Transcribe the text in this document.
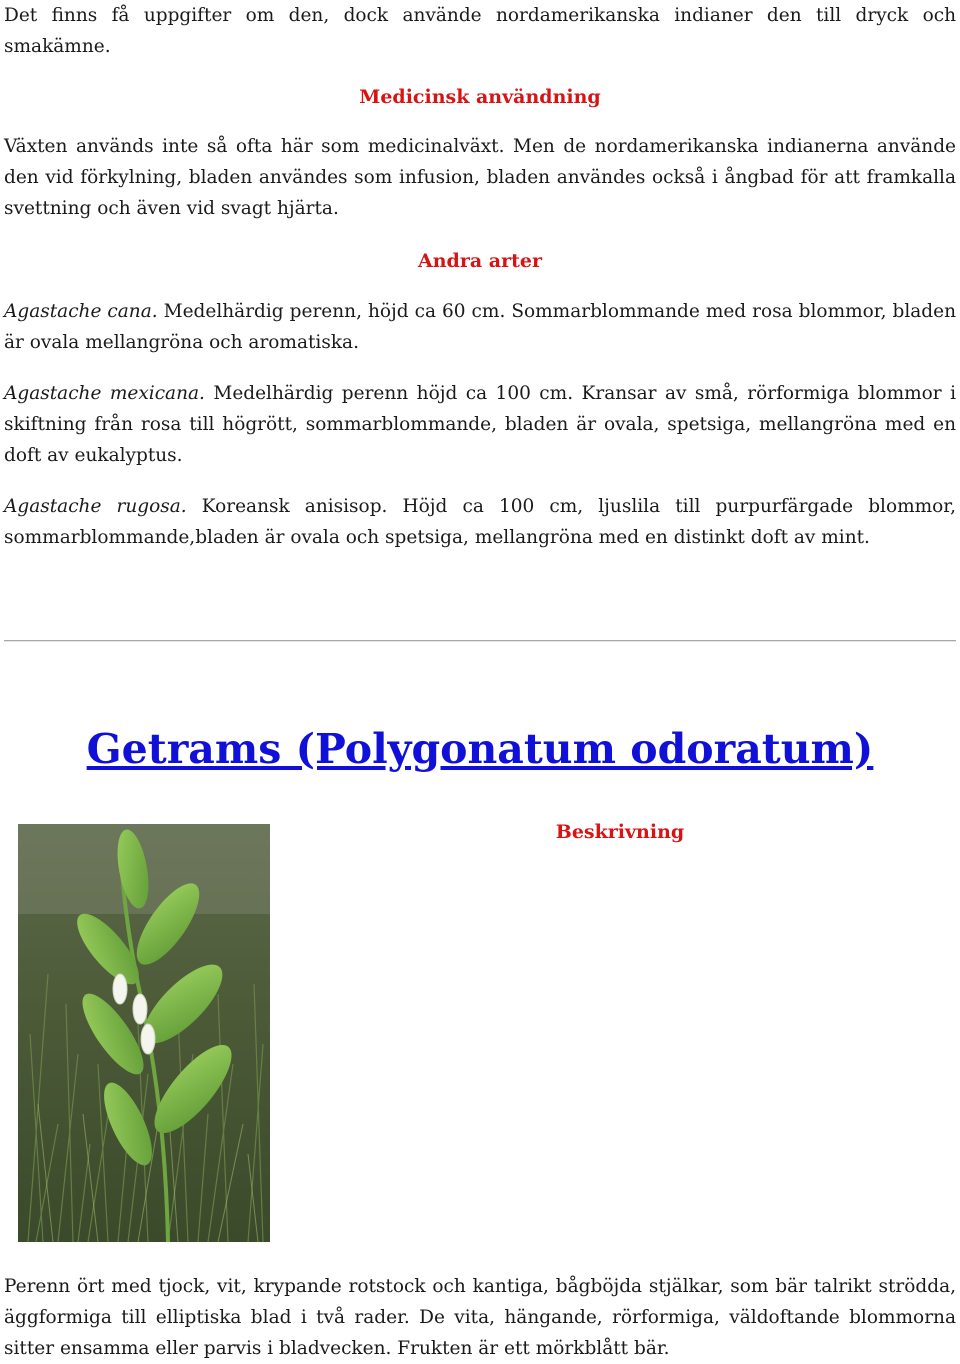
Det finns få uppgifter om den, dock använde nordamerikanska indianer den till dryck och smakämne.

Medicinsk användning

Växten används inte så ofta här som medicinalväxt. Men de nordamerikanska indianerna använde den vid förkylning, bladen användes som infusion, bladen användes också i ångbad för att framkalla svettning och även vid svagt hjärta.

Andra arter

Agastache cana. Medelhärdig perenn, höjd ca 60 cm. Sommarblommande med rosa blommor, bladen är ovala mellangröna och aromatiska.

Agastache mexicana. Medelhärdig perenn höjd ca 100 cm. Kransar av små, rörformiga blommor i skiftning från rosa till högrött, sommarblommande, bladen är ovala, spetsiga, mellangröna med en doft av eukalyptus.

Agastache rugosa. Koreansk anisisop. Höjd ca 100 cm, ljuslila till purpurfärgade blommor, sommarblommande,bladen är ovala och spetsiga, mellangröna med en distinkt doft av mint.

Getrams (Polygonatum odoratum)
Beskrivning

Perenn ört med tjock, vit, krypande rotstock och kantiga, bågböjda stjälkar, som bär talrikt strödda, äggformiga till elliptiska blad i två rader. De vita, hängande, rörformiga, väldoftande blommorna sitter ensamma eller parvis i bladvecken. Frukten är ett mörkblått bär.
